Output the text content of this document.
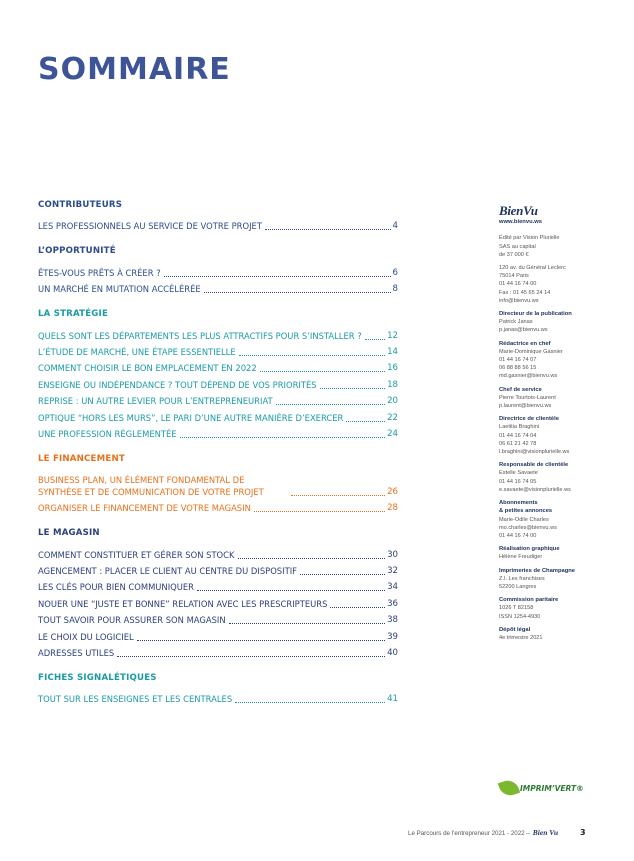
SOMMAIRE
CONTRIBUTEURS
LES PROFESSIONNELS AU SERVICE DE VOTRE PROJET	4
L’OPPORTUNITÉ
ÊTES-VOUS PRÊTS À CRÉER ?	6
UN MARCHÉ EN MUTATION ACCÉLÉRÉE	8
LA STRATÉGIE
QUELS SONT LES DÉPARTEMENTS LES PLUS ATTRACTIFS POUR S’INSTALLER ?	12
L’ÉTUDE DE MARCHÉ, UNE ÉTAPE ESSENTIELLE	14
COMMENT CHOISIR LE BON EMPLACEMENT EN 2022	16
ENSEIGNE OU INDÉPENDANCE ? TOUT DÉPEND DE VOS PRIORITÉS	18
REPRISE : UN AUTRE LEVIER POUR L’ENTREPRENEURIAT	20
OPTIQUE “HORS LES MURS”, LE PARI D’UNE AUTRE MANIÈRE D’EXERCER	22
UNE PROFESSION RÉGLEMENTÉE	24
LE FINANCEMENT
BUSINESS PLAN, UN ÉLÉMENT FONDAMENTAL DE SYNTHÈSE ET DE COMMUNICATION DE VOTRE PROJET	26
ORGANISER LE FINANCEMENT DE VOTRE MAGASIN	28
LE MAGASIN
COMMENT CONSTITUER ET GÉRER SON STOCK	30
AGENCEMENT : PLACER LE CLIENT AU CENTRE DU DISPOSITIF	32
LES CLÉS POUR BIEN COMMUNIQUER	34
NOUER UNE “JUSTE ET BONNE” RELATION AVEC LES PRESCRIPTEURS	36
TOUT SAVOIR POUR ASSURER SON MAGASIN	38
LE CHOIX DU LOGICIEL	39
ADRESSES UTILES	40
FICHES SIGNALÉTIQUES
TOUT SUR LES ENSEIGNES ET LES CENTRALES	41
BienVu
www.bienvu.ws
Édité par Vision Plurielle
SAS au capital
de 37 000 €
120 av. du Général Leclerc
75014 Paris
01 44 16 74 00
Fax : 01 45 65 24 14
info@bienvu.ws
Directeur de la publication
Patrick Janas
p.janas@bienvu.ws
Rédactrice en chef
Marie-Dominique Gasnier
01 44 16 74 07
06 88 88 56 15
md.gasnier@bienvu.ws
Chef de service
Pierre Tourtois-Laurent
p.laurent@bienvu.ws
Directrice de clientèle
Laetitia Braghini
01 44 16 74 04
06 61 21 42 78
l.braghini@visionplurielle.ws
Responsable de clientèle
Estelle Savaete
01 44 16 74 05
e.savaete@visionplurielle.ws
Abonnements
& petites annonces
Marie-Odile Charles
mo.charles@bienvu.ws
01 44 16 74 00
Réalisation graphique
Hélène Freudiger
Imprimeries de Champagne
Z.I. Les franchises
52200 Langres
Commission paritaire
1026 T 82158
ISSN 1254-4930
Dépôt légal
4e trimestre 2021
IMPRIM’VERT®
Le Parcours de l’entrepreneur 2021 - 2022 – Bien Vu	3
